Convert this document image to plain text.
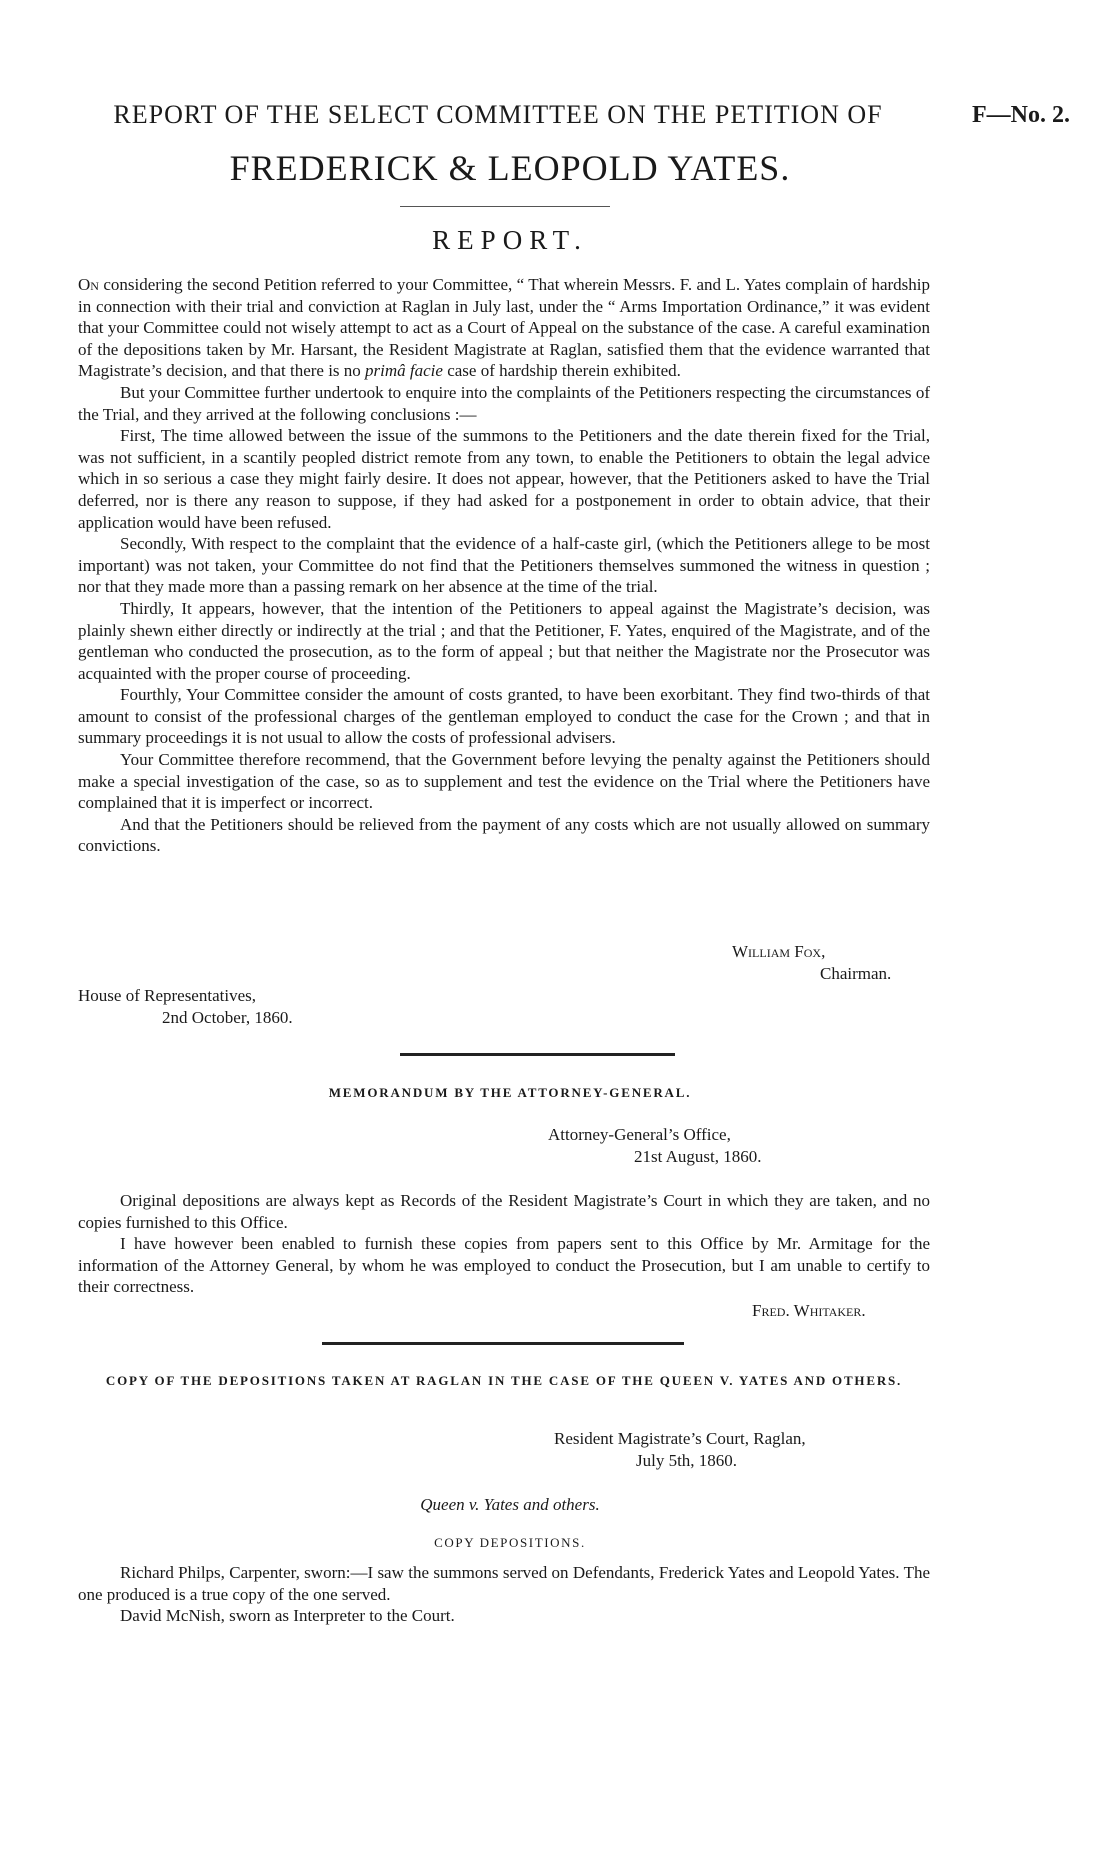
REPORT OF THE SELECT COMMITTEE ON THE PETITION OF	F—No. 2.
FREDERICK & LEOPOLD YATES.
REPORT.

On considering the second Petition referred to your Committee, “ That wherein Messrs. F. and L. Yates complain of hardship in connection with their trial and conviction at Raglan in July last, under the “ Arms Importation Ordinance,” it was evident that your Committee could not wisely attempt to act as a Court of Appeal on the substance of the case. A careful examination of the depositions taken by Mr. Harsant, the Resident Magistrate at Raglan, satisfied them that the evidence warranted that Magistrate’s decision, and that there is no primâ facie case of hardship therein exhibited.

But your Committee further undertook to enquire into the complaints of the Petitioners respecting the circumstances of the Trial, and they arrived at the following conclusions :—

First, The time allowed between the issue of the summons to the Petitioners and the date therein fixed for the Trial, was not sufficient, in a scantily peopled district remote from any town, to enable the Petitioners to obtain the legal advice which in so serious a case they might fairly desire. It does not appear, however, that the Petitioners asked to have the Trial deferred, nor is there any reason to suppose, if they had asked for a postponement in order to obtain advice, that their application would have been refused.

Secondly, With respect to the complaint that the evidence of a half-caste girl, (which the Petitioners allege to be most important) was not taken, your Committee do not find that the Petitioners themselves summoned the witness in question ; nor that they made more than a passing remark on her absence at the time of the trial.

Thirdly, It appears, however, that the intention of the Petitioners to appeal against the Magistrate’s decision, was plainly shewn either directly or indirectly at the trial ; and that the Petitioner, F. Yates, enquired of the Magistrate, and of the gentleman who conducted the prosecution, as to the form of appeal ; but that neither the Magistrate nor the Prosecutor was acquainted with the proper course of proceeding.

Fourthly, Your Committee consider the amount of costs granted, to have been exorbitant. They find two-thirds of that amount to consist of the professional charges of the gentleman employed to conduct the case for the Crown ; and that in summary proceedings it is not usual to allow the costs of professional advisers.

Your Committee therefore recommend, that the Government before levying the penalty against the Petitioners should make a special investigation of the case, so as to supplement and test the evidence on the Trial where the Petitioners have complained that it is imperfect or incorrect.

And that the Petitioners should be relieved from the payment of any costs which are not usually allowed on summary convictions.

William Fox,
Chairman.
House of Representatives,
2nd October, 1860.
MEMORANDUM BY THE ATTORNEY-GENERAL.
Attorney-General’s Office,
21st August, 1860.

Original depositions are always kept as Records of the Resident Magistrate’s Court in which they are taken, and no copies furnished to this Office.

I have however been enabled to furnish these copies from papers sent to this Office by Mr. Armitage for the information of the Attorney General, by whom he was employed to conduct the Prosecution, but I am unable to certify to their correctness.

Fred. Whitaker.
COPY OF THE DEPOSITIONS TAKEN AT RAGLAN IN THE CASE OF THE QUEEN V. YATES AND OTHERS.
Resident Magistrate’s Court, Raglan,
July 5th, 1860.
Queen v. Yates and others.
COPY DEPOSITIONS.

Richard Philps, Carpenter, sworn:—I saw the summons served on Defendants, Frederick Yates and Leopold Yates. The one produced is a true copy of the one served.

David McNish, sworn as Interpreter to the Court.
